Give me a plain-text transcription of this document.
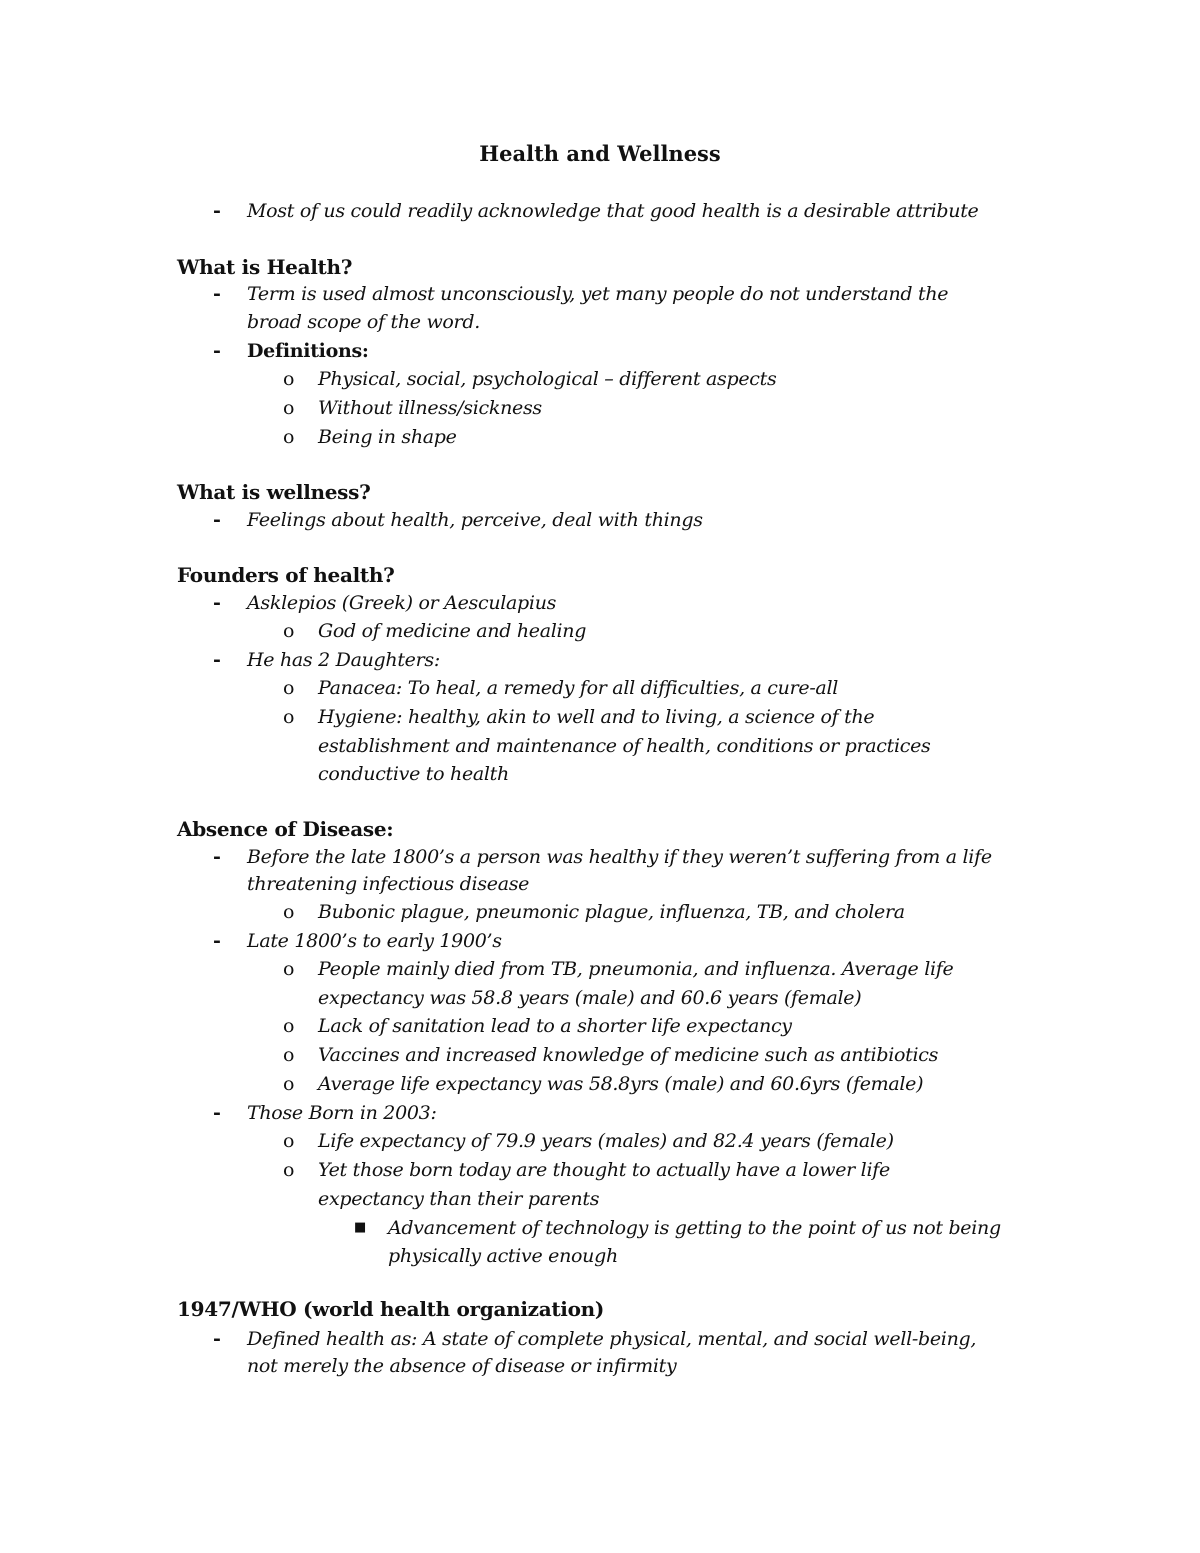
Health and Wellness
- Most of us could readily acknowledge that good health is a desirable attribute
What is Health?
- Term is used almost unconsciously, yet many people do not understand the
broad scope of the word.
- Definitions:
o Physical, social, psychological – different aspects
o Without illness/sickness
o Being in shape
What is wellness?
- Feelings about health, perceive, deal with things
Founders of health?
- Asklepios (Greek) or Aesculapius
o God of medicine and healing
- He has 2 Daughters:
o Panacea: To heal, a remedy for all difficulties, a cure-all
o Hygiene: healthy, akin to well and to living, a science of the
establishment and maintenance of health, conditions or practices
conductive to health
Absence of Disease:
- Before the late 1800’s a person was healthy if they weren’t suffering from a life
threatening infectious disease
o Bubonic plague, pneumonic plague, influenza, TB, and cholera
- Late 1800’s to early 1900’s
o People mainly died from TB, pneumonia, and influenza. Average life
expectancy was 58.8 years (male) and 60.6 years (female)
o Lack of sanitation lead to a shorter life expectancy
o Vaccines and increased knowledge of medicine such as antibiotics
o Average life expectancy was 58.8yrs (male) and 60.6yrs (female)
- Those Born in 2003:
o Life expectancy of 79.9 years (males) and 82.4 years (female)
o Yet those born today are thought to actually have a lower life
expectancy than their parents
■ Advancement of technology is getting to the point of us not being
physically active enough
1947/WHO (world health organization)
- Defined health as: A state of complete physical, mental, and social well-being,
not merely the absence of disease or infirmity
